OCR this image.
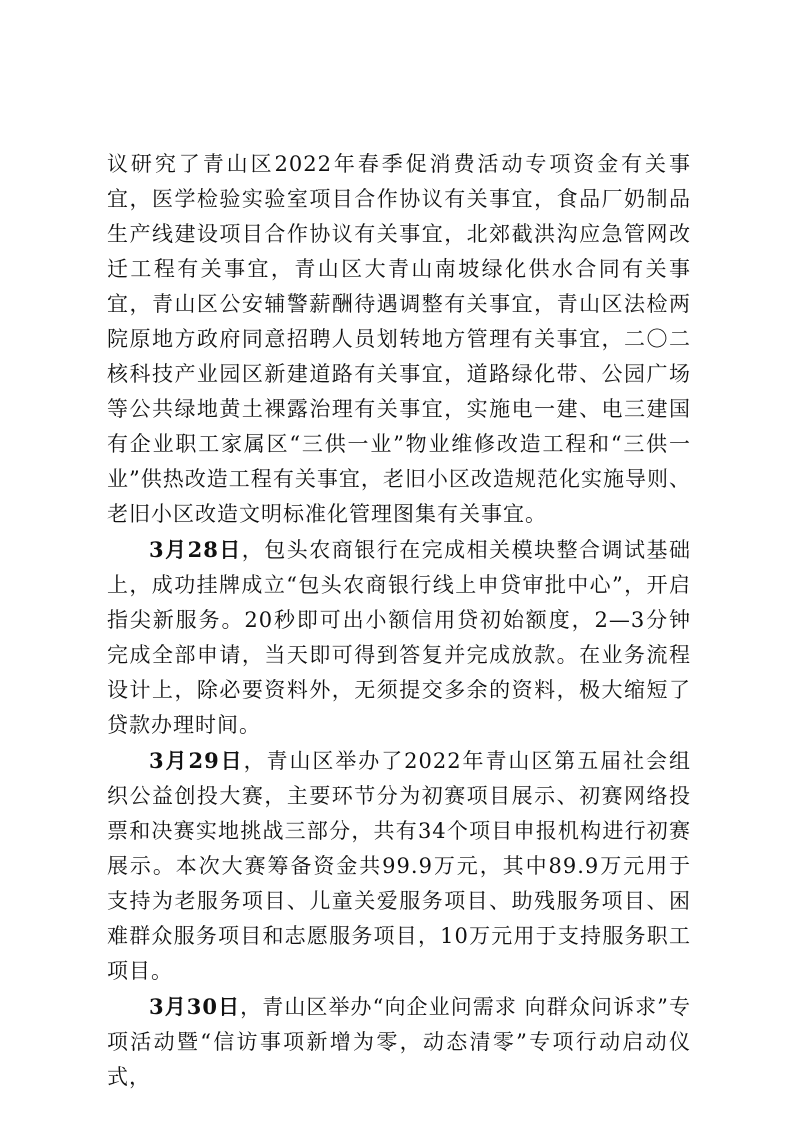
议研究了青山区2022年春季促消费活动专项资金有关事宜，医学检验实验室项目合作协议有关事宜，食品厂奶制品生产线建设项目合作协议有关事宜，北郊截洪沟应急管网改迁工程有关事宜，青山区大青山南坡绿化供水合同有关事宜，青山区公安辅警薪酬待遇调整有关事宜，青山区法检两院原地方政府同意招聘人员划转地方管理有关事宜，二〇二核科技产业园区新建道路有关事宜，道路绿化带、公园广场等公共绿地黄土裸露治理有关事宜，实施电一建、电三建国有企业职工家属区“三供一业”物业维修改造工程和“三供一业”供热改造工程有关事宜，老旧小区改造规范化实施导则、老旧小区改造文明标准化管理图集有关事宜。

3月28日，包头农商银行在完成相关模块整合调试基础上，成功挂牌成立“包头农商银行线上申贷审批中心”，开启指尖新服务。20秒即可出小额信用贷初始额度，2—3分钟完成全部申请，当天即可得到答复并完成放款。在业务流程设计上，除必要资料外，无须提交多余的资料，极大缩短了贷款办理时间。

3月29日，青山区举办了2022年青山区第五届社会组织公益创投大赛，主要环节分为初赛项目展示、初赛网络投票和决赛实地挑战三部分，共有34个项目申报机构进行初赛展示。本次大赛筹备资金共99.9万元，其中89.9万元用于支持为老服务项目、儿童关爱服务项目、助残服务项目、困难群众服务项目和志愿服务项目，10万元用于支持服务职工项目。

3月30日，青山区举办“向企业问需求 向群众问诉求”专项活动暨“信访事项新增为零，动态清零”专项行动启动仪式，
